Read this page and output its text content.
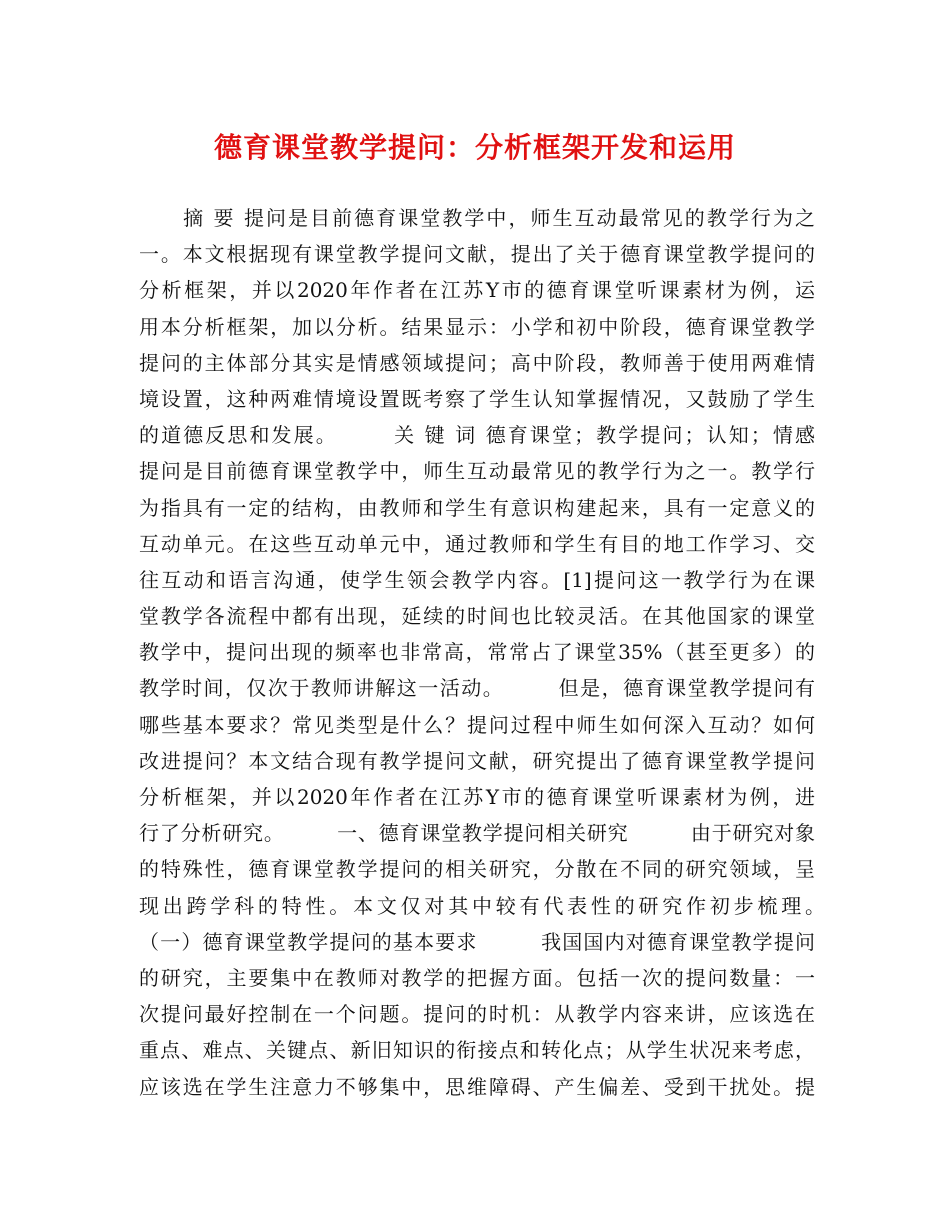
德育课堂教学提问：分析框架开发和运用
　　摘 要 提问是目前德育课堂教学中，师生互动最常见的教学行为之
一。本文根据现有课堂教学提问文献，提出了关于德育课堂教学提问的
分析框架，并以2020年作者在江苏Y市的德育课堂听课素材为例，运
用本分析框架，加以分析。结果显示：小学和初中阶段，德育课堂教学
提问的主体部分其实是情感领域提问；高中阶段，教师善于使用两难情
境设置，这种两难情境设置既考察了学生认知掌握情况，又鼓励了学生
的道德反思和发展。　　　关 键 词 德育课堂；教学提问；认知；情感
提问是目前德育课堂教学中，师生互动最常见的教学行为之一。教学行
为指具有一定的结构，由教师和学生有意识构建起来，具有一定意义的
互动单元。在这些互动单元中，通过教师和学生有目的地工作学习、交
往互动和语言沟通，使学生领会教学内容。[1]提问这一教学行为在课
堂教学各流程中都有出现，延续的时间也比较灵活。在其他国家的课堂
教学中，提问出现的频率也非常高，常常占了课堂35%（甚至更多）的
教学时间，仅次于教师讲解这一活动。　　　但是，德育课堂教学提问有
哪些基本要求？常见类型是什么？提问过程中师生如何深入互动？如何
改进提问？本文结合现有教学提问文献，研究提出了德育课堂教学提问
分析框架，并以2020年作者在江苏Y市的德育课堂听课素材为例，进
行了分析研究。　　　一、德育课堂教学提问相关研究　　　由于研究对象
的特殊性，德育课堂教学提问的相关研究，分散在不同的研究领域，呈
现出跨学科的特性。本文仅对其中较有代表性的研究作初步梳理。　　
（一）德育课堂教学提问的基本要求　　　我国国内对德育课堂教学提问
的研究，主要集中在教师对教学的把握方面。包括一次的提问数量：一
次提问最好控制在一个问题。提问的时机：从教学内容来讲，应该选在
重点、难点、关键点、新旧知识的衔接点和转化点；从学生状况来考虑，
应该选在学生注意力不够集中，思维障碍、产生偏差、受到干扰处。提
